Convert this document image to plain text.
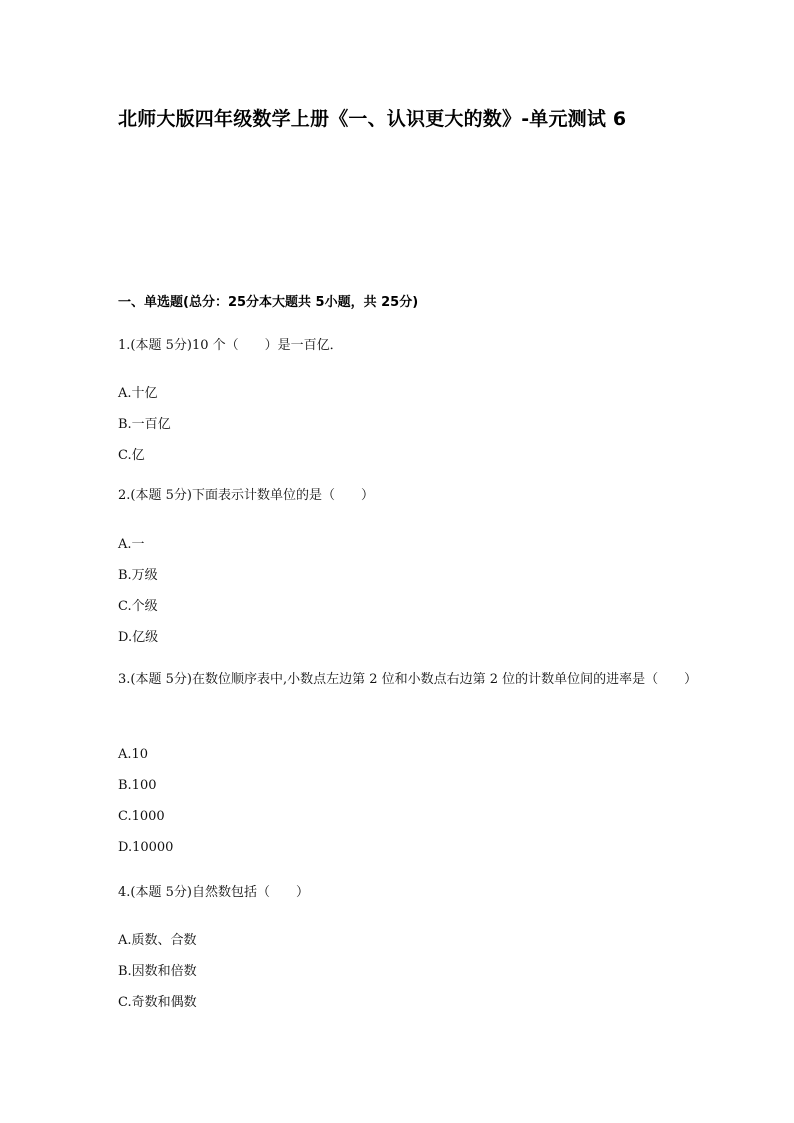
北师大版四年级数学上册《一、认识更大的数》-单元测试 6
一、单选题(总分：25分本大题共 5小题，共 25分)
1.(本题 5分)10 个（　　）是一百亿．
A.十亿
B.一百亿
C.亿
2.(本题 5分)下面表示计数单位的是（　　）
A.一
B.万级
C.个级
D.亿级
3.(本题 5分)在数位顺序表中,小数点左边第 2 位和小数点右边第 2 位的计数单位间的进率是（　　）
A.10
B.100
C.1000
D.10000
4.(本题 5分)自然数包括（　　）
A.质数、合数
B.因数和倍数
C.奇数和偶数
